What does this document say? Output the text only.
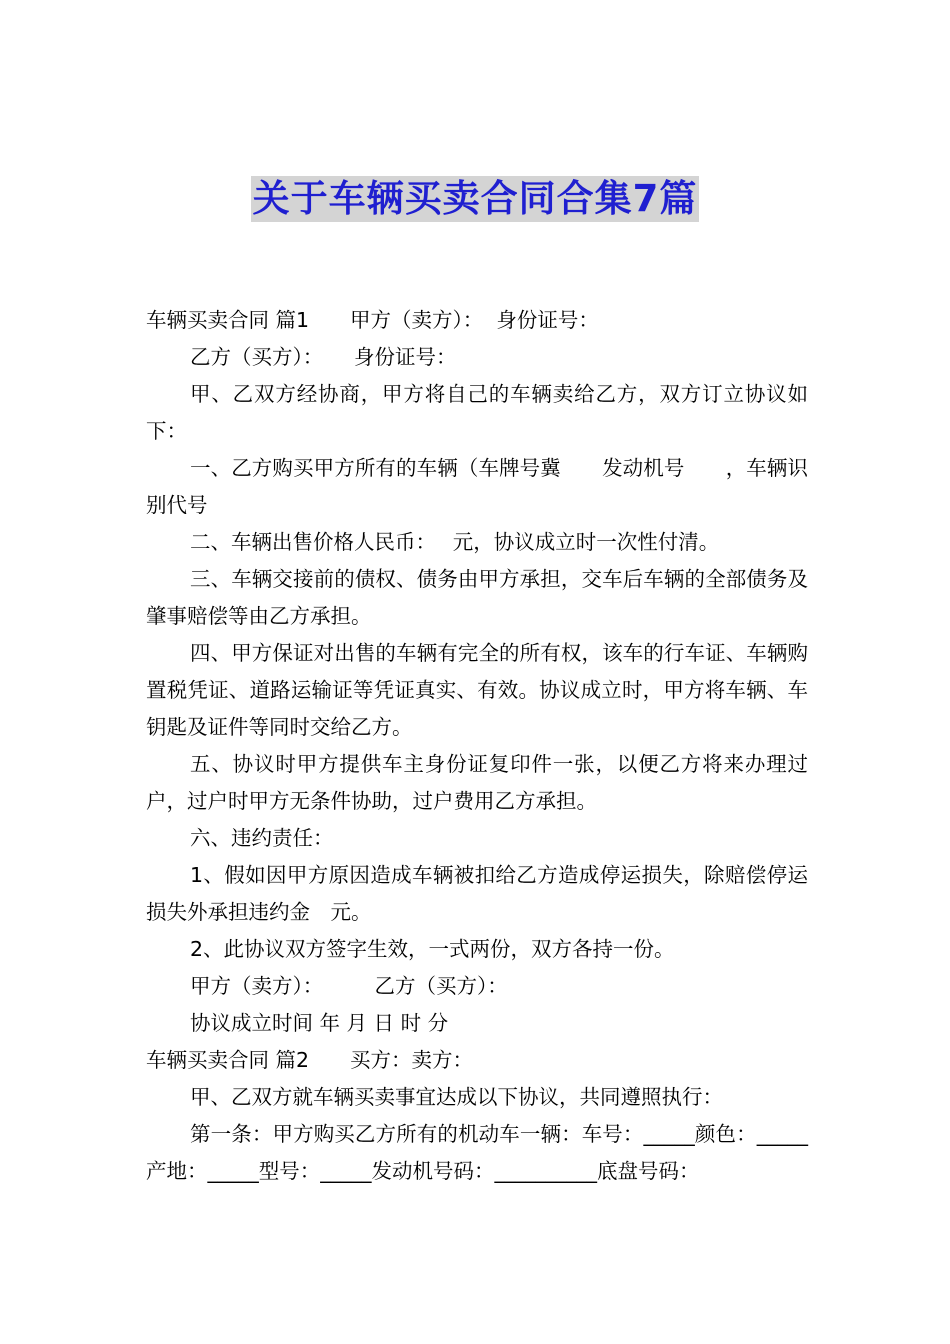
关于车辆买卖合同合集7篇

车辆买卖合同 篇1　　甲方（卖方）：  身份证号：

乙方（买方）：　　身份证号：

甲、乙双方经协商，甲方将自己的车辆卖给乙方，双方订立协议如下：

一、乙方购买甲方所有的车辆（车牌号冀　　发动机号　　，车辆识别代号

二、车辆出售价格人民币：　 元，协议成立时一次性付清。

三、车辆交接前的债权、债务由甲方承担，交车后车辆的全部债务及肇事赔偿等由乙方承担。

四、甲方保证对出售的车辆有完全的所有权，该车的行车证、车辆购置税凭证、道路运输证等凭证真实、有效。协议成立时，甲方将车辆、车钥匙及证件等同时交给乙方。

五、协议时甲方提供车主身份证复印件一张，以便乙方将来办理过户，过户时甲方无条件协助，过户费用乙方承担。

六、违约责任：

1、假如因甲方原因造成车辆被扣给乙方造成停运损失，除赔偿停运损失外承担违约金　元。

2、此协议双方签字生效，一式两份，双方各持一份。

甲方（卖方）：　　　乙方（买方）：

协议成立时间 年 月 日 时 分

车辆买卖合同 篇2　　买方：卖方：

甲、乙双方就车辆买卖事宜达成以下协议，共同遵照执行：

第一条：甲方购买乙方所有的机动车一辆：车号：_____颜色：_____产地：_____型号：_____发动机号码：__________底盘号码：
